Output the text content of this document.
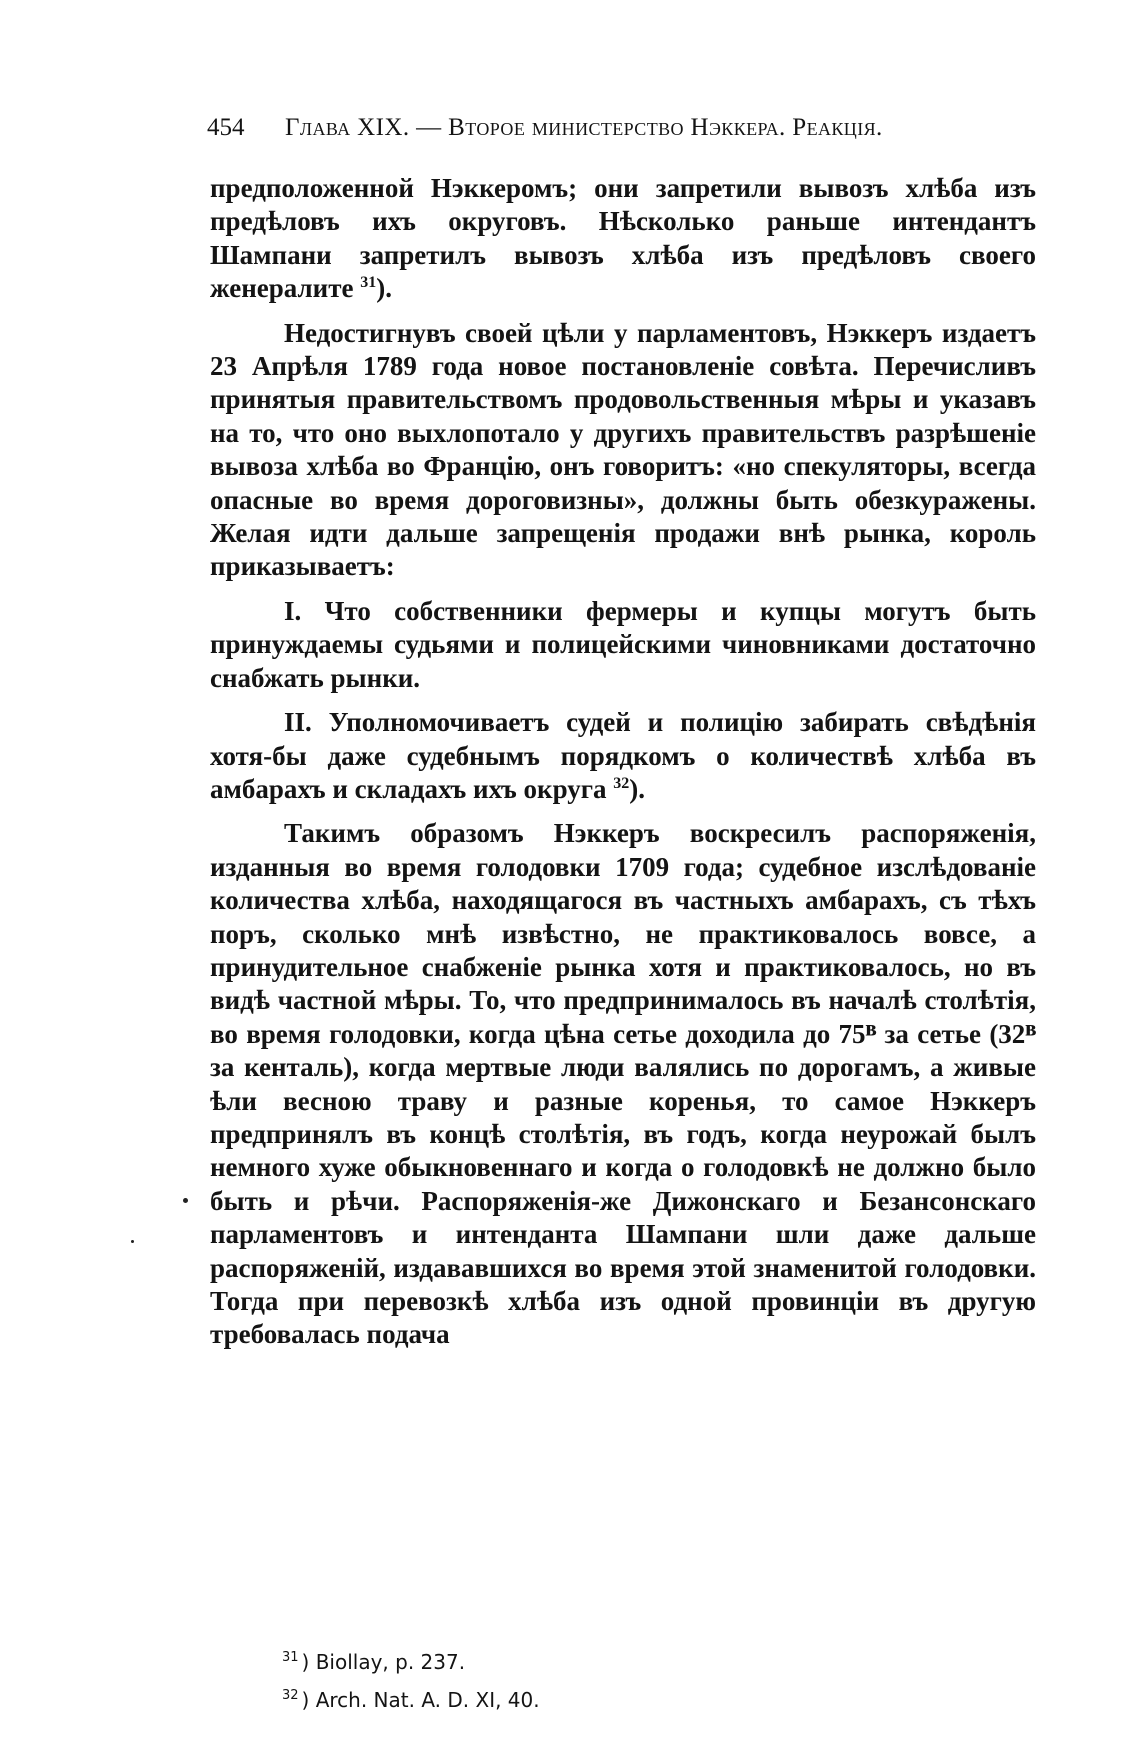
454 Глава XIX. — Второе министерство Нэккера. Реакція.

предположенной Нэккеромъ; они запретили вывозъ хлѣба изъ предѣловъ ихъ округовъ. Нѣсколько раньше интендантъ Шампани запретилъ вывозъ хлѣба изъ предѣловъ своего женералите $^{31}$).

Недостигнувъ своей цѣли у парламентовъ, Нэккеръ издаетъ 23 Апрѣля 1789 года новое постановленіе совѣта. Перечисливъ принятыя правительствомъ продовольственныя мѣры и указавъ на то, что оно выхлопотало у другихъ правительствъ разрѣшеніе вывоза хлѣба во Францію, онъ говоритъ: «но спекуляторы, всегда опасные во время дороговизны», должны быть обезкуражены. Желая идти дальше запрещенія продажи внѣ рынка, король приказываетъ:

I. Что собственники фермеры и купцы могутъ быть принуждаемы судьями и полицейскими чиновниками достаточно снабжать рынки.

II. Уполномочиваетъ судей и полицію забирать свѣдѣнія хотя-бы даже судебнымъ порядкомъ о количествѣ хлѣба въ амбарахъ и складахъ ихъ округа $^{32}$).

Такимъ образомъ Нэккеръ воскресилъ распоряженія, изданныя во время голодовки 1709 года; судебное изслѣдованіе количества хлѣба, находящагося въ частныхъ амбарахъ, съ тѣхъ поръ, сколько мнѣ извѣстно, не практиковалось вовсе, а принудительное снабженіе рынка хотя и практиковалось, но въ видѣ частной мѣры. То, что предпринималось въ началѣ столѣтія, во время голодовки, когда цѣна сетье доходила до 75ᴮ за сетье (32ᴮ за кенталь), когда мертвые люди валялись по дорогамъ, а живые ѣли весною траву и разные коренья, то самое Нэккеръ предпринялъ въ концѣ столѣтія, въ годъ, когда неурожай былъ немного хуже обыкновеннаго и когда о голодовкѣ не должно было быть и рѣчи. Распоряженія-же Дижонскаго и Безансонскаго парламентовъ и интенданта Шампани шли даже дальше распоряженій, издававшихся во время этой знаменитой голодовки. Тогда при перевозкѣ хлѣба изъ одной провинціи въ другую требовалась подача

$^{31}$ ) Biollay, p. 237.
$^{32}$ ) Arch. Nat. A. D. XI, 40.
